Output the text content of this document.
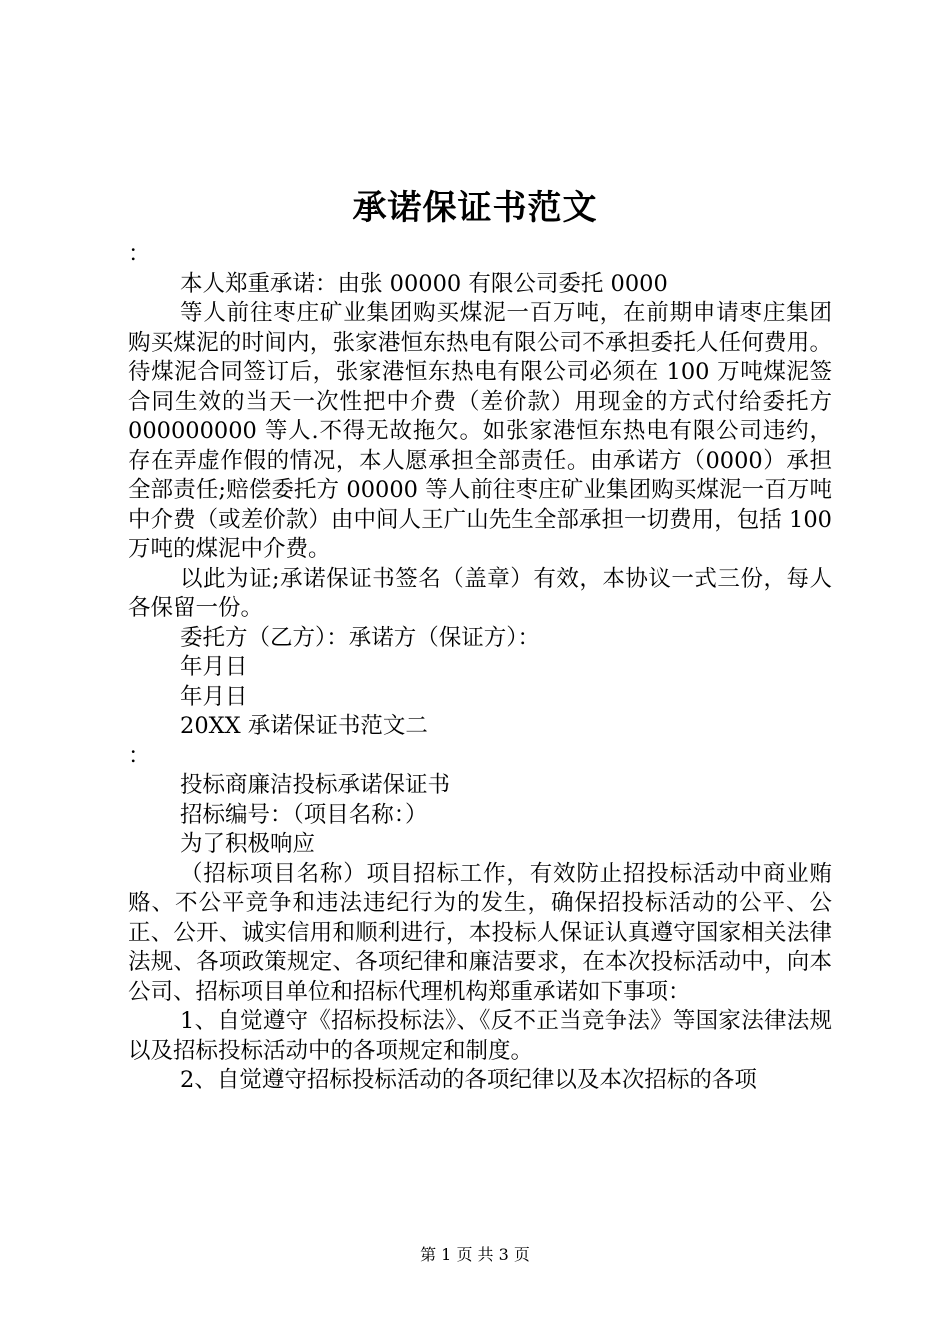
承诺保证书范文

：

本人郑重承诺：由张 00000 有限公司委托 0000

等人前往枣庄矿业集团购买煤泥一百万吨，在前期申请枣庄集团购买煤泥的时间内，张家港恒东热电有限公司不承担委托人任何费用。待煤泥合同签订后，张家港恒东热电有限公司必须在 100 万吨煤泥签合同生效的当天一次性把中介费（差价款）用现金的方式付给委托方 000000000 等人.不得无故拖欠。如张家港恒东热电有限公司违约，存在弄虚作假的情况，本人愿承担全部责任。由承诺方（0000）承担全部责任;赔偿委托方 00000 等人前往枣庄矿业集团购买煤泥一百万吨中介费（或差价款）由中间人王广山先生全部承担一切费用，包括 100 万吨的煤泥中介费。

以此为证;承诺保证书签名（盖章）有效，本协议一式三份，每人各保留一份。

委托方（乙方）：承诺方（保证方）：

年月日

年月日

20XX 承诺保证书范文二

：

投标商廉洁投标承诺保证书

招标编号：（项目名称：）

为了积极响应

（招标项目名称）项目招标工作，有效防止招投标活动中商业贿赂、不公平竞争和违法违纪行为的发生，确保招投标活动的公平、公正、公开、诚实信用和顺利进行，本投标人保证认真遵守国家相关法律法规、各项政策规定、各项纪律和廉洁要求，在本次投标活动中，向本公司、招标项目单位和招标代理机构郑重承诺如下事项：

1、自觉遵守《招标投标法》、《反不正当竞争法》等国家法律法规以及招标投标活动中的各项规定和制度。

2、自觉遵守招标投标活动的各项纪律以及本次招标的各项

第 1 页 共 3 页
